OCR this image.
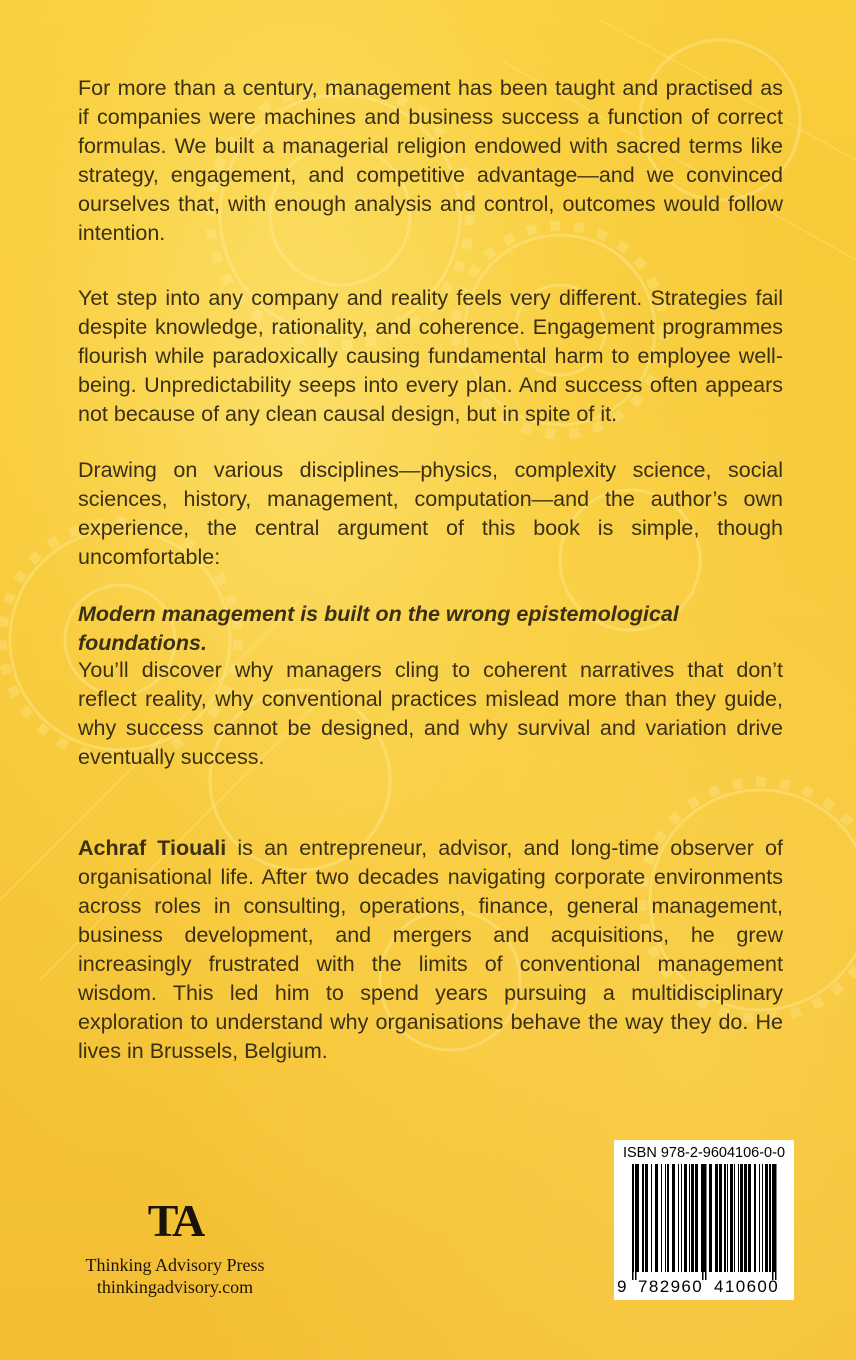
For more than a century, management has been taught and practised as if companies were machines and business success a function of correct formulas. We built a managerial religion endowed with sacred terms like strategy, engagement, and competitive advantage—and we convinced ourselves that, with enough analysis and control, outcomes would follow intention.

Yet step into any company and reality feels very different. Strategies fail despite knowledge, rationality, and coherence. Engagement programmes flourish while paradoxically causing fundamental harm to employee well-being. Unpredictability seeps into every plan. And success often appears not because of any clean causal design, but in spite of it.

Drawing on various disciplines—physics, complexity science, social sciences, history, management, computation—and the author’s own experience, the central argument of this book is simple, though uncomfortable:

Modern management is built on the wrong epistemological foundations.

You’ll discover why managers cling to coherent narratives that don’t reflect reality, why conventional practices mislead more than they guide, why success cannot be designed, and why survival and variation drive eventually success.

Achraf Tiouali is an entrepreneur, advisor, and long-time observer of organisational life. After two decades navigating corporate environments across roles in consulting, operations, finance, general management, business development, and mergers and acquisitions, he grew increasingly frustrated with the limits of conventional management wisdom. This led him to spend years pursuing a multidisciplinary exploration to understand why organisations behave the way they do. He lives in Brussels, Belgium.

TA
Thinking Advisory Press
thinkingadvisory.com
ISBN 978-2-9604106-0-0
9 782960 410600
